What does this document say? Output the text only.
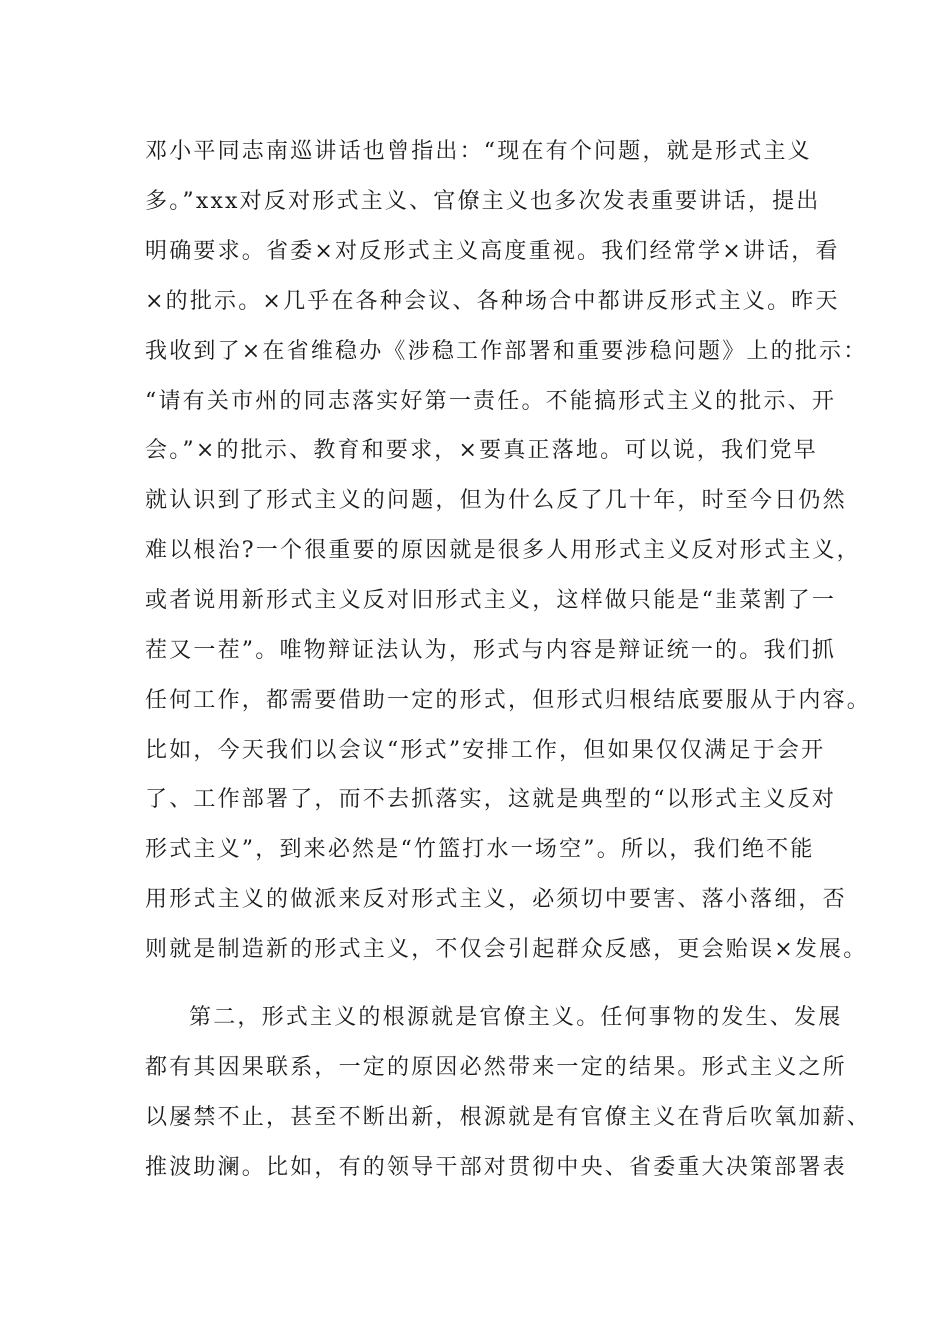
邓小平同志南巡讲话也曾指出：“现在有个问题，就是形式主义

多。”xxx对反对形式主义、官僚主义也多次发表重要讲话，提出

明确要求。省委×对反形式主义高度重视。我们经常学×讲话，看

×的批示。×几乎在各种会议、各种场合中都讲反形式主义。昨天

我收到了×在省维稳办《涉稳工作部署和重要涉稳问题》上的批示：

“请有关市州的同志落实好第一责任。不能搞形式主义的批示、开

会。”×的批示、教育和要求，×要真正落地。可以说，我们党早

就认识到了形式主义的问题，但为什么反了几十年，时至今日仍然

难以根治?一个很重要的原因就是很多人用形式主义反对形式主义，

或者说用新形式主义反对旧形式主义，这样做只能是“韭菜割了一

茬又一茬”。唯物辩证法认为，形式与内容是辩证统一的。我们抓

任何工作，都需要借助一定的形式，但形式归根结底要服从于内容。

比如，今天我们以会议“形式”安排工作，但如果仅仅满足于会开

了、工作部署了，而不去抓落实，这就是典型的“以形式主义反对

形式主义”，到来必然是“竹篮打水一场空”。所以，我们绝不能

用形式主义的做派来反对形式主义，必须切中要害、落小落细，否

则就是制造新的形式主义，不仅会引起群众反感，更会贻误×发展。

第二，形式主义的根源就是官僚主义。任何事物的发生、发展

都有其因果联系，一定的原因必然带来一定的结果。形式主义之所

以屡禁不止，甚至不断出新，根源就是有官僚主义在背后吹氧加薪、

推波助澜。比如，有的领导干部对贯彻中央、省委重大决策部署表
